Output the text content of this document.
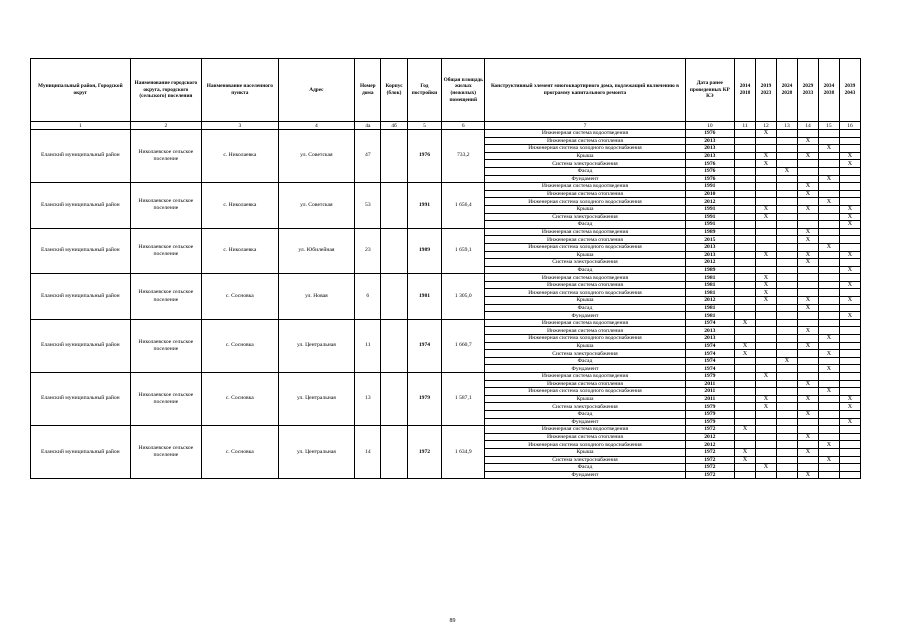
Муниципальный район, Городской округ	Наименование городского округа, городского (сельского) поселения	Наименование населенного пункта	Адрес	Номер дома	Корпус (блок)	Год постройки	Общая площадь жилых (нежилых) помещений	Конструктивный элемент многоквартирного дома, подлежащий включению в программу капитального ремонта	Дата ранее проведенных КР КЭ	2014 2018	2019 2023	2024 2028	2029 2033	2034 2038	2039 2043
1	2	3	4	4а	4б	5	6	7	10	11	12	13	14	15	16
Еланский муниципальный район	Николаевское сельское поселение	с. Николаевка	ул. Советская	47		1976	733,2	Инженерная система водоотведения	1976		X				
								Инженерная система отопления	2013				X		
								Инженерная система холодного водоснабжения	2013					X	
								Крыша	2013		X		X		X
								Система электроснабжения	1976		X				X
								Фасад	1976			X			
								Фундамент	1976					X	
Еланский муниципальный район	Николаевское сельское поселение	с. Николаевка	ул. Советская	53		1991	1 656,4	Инженерная система водоотведения	1991				X		
								Инженерная система отопления	2010				X		
								Инженерная система холодного водоснабжения	2012					X	
								Крыша	1991		X		X		X
								Система электроснабжения	1991		X				X
								Фасад	1991						X
Еланский муниципальный район	Николаевское сельское поселение	с. Николаевка	ул. Юбилейная	23		1989	1 659,1	Инженерная система водоотведения	1989				X		
								Инженерная система отопления	2015				X		
								Инженерная система холодного водоснабжения	2013					X	
								Крыша	2013		X		X		X
								Система электроснабжения	2012				X		
								Фасад	1989						X
Еланский муниципальный район	Николаевское сельское поселение	с. Сосновка	ул. Новая	6		1981	1 305,0	Инженерная система водоотведения	1981		X				
								Инженерная система отопления	1981		X				X
								Инженерная система холодного водоснабжения	1981		X				
								Крыша	2012		X		X		X
								Фасад	1981				X		
								Фундамент	1981						X
Еланский муниципальный район	Николаевское сельское поселение	с. Сосновка	ул. Центральная	11		1974	1 660,7	Инженерная система водоотведения	1974	X					
								Инженерная система отопления	2013				X		
								Инженерная система холодного водоснабжения	2013					X	
								Крыша	1974	X			X		
								Система электроснабжения	1974	X				X	
								Фасад	1974			X			
								Фундамент	1974					X	
Еланский муниципальный район	Николаевское сельское поселение	с. Сосновка	ул. Центральная	13		1979	1 587,1	Инженерная система водоотведения	1979		X				
								Инженерная система отопления	2011				X		
								Инженерная система холодного водоснабжения	2011					X	
								Крыша	2011		X		X		X
								Система электроснабжения	1979		X				X
								Фасад	1979				X		
								Фундамент	1979						X
Еланский муниципальный район	Николаевское сельское поселение	с. Сосновка	ул. Центральная	14		1972	1 634,9	Инженерная система водоотведения	1972	X					
								Инженерная система отопления	2012				X		
								Инженерная система холодного водоснабжения	2012					X	
								Крыша	1972	X			X		
								Система электроснабжения	1972	X				X	
								Фасад	1972		X				
								Фундамент	1972				X		
89
